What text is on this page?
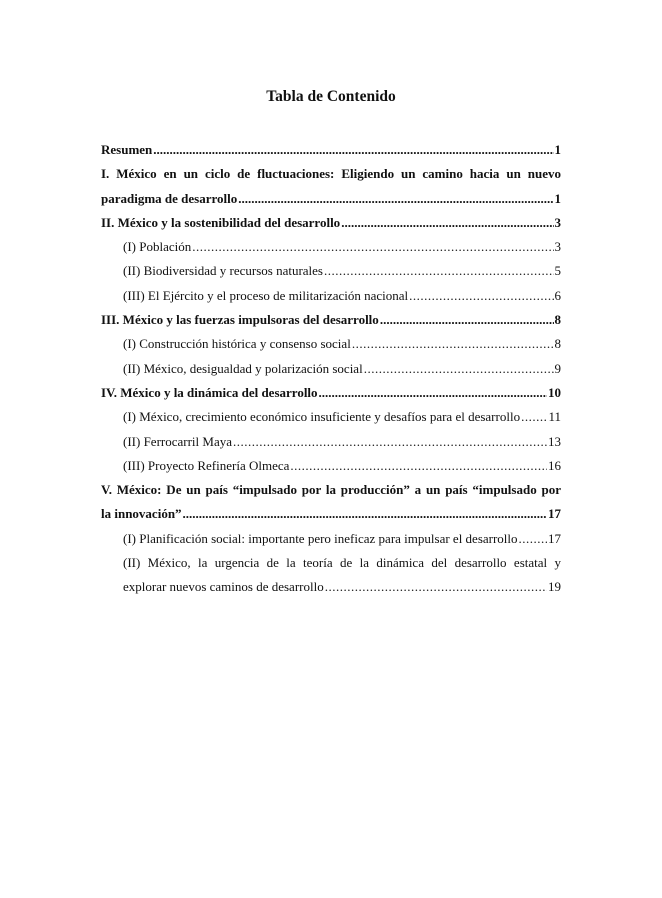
Tabla de Contenido
Resumen .....	1
I. México en un ciclo de fluctuaciones: Eligiendo un camino hacia un nuevo
paradigma de desarrollo .....	1
II. México y la sostenibilidad del desarrollo .....	3
(I) Población .....	3
(II) Biodiversidad y recursos naturales .....	5
(III) El Ejército y el proceso de militarización nacional .....	6
III. México y las fuerzas impulsoras del desarrollo .....	8
(I) Construcción histórica y consenso social .....	8
(II) México, desigualdad y polarización social .....	9
IV. México y la dinámica del desarrollo .....	10
(I) México, crecimiento económico insuficiente y desafíos para el desarrollo ..... 11
(II) Ferrocarril Maya .....	13
(III) Proyecto Refinería Olmeca .....	16
V. México: De un país “impulsado por la producción” a un país “impulsado por
la innovación” .....	17
(I) Planificación social: importante pero ineficaz para impulsar el desarrollo ..... 17
(II) México, la urgencia de la teoría de la dinámica del desarrollo estatal y
explorar nuevos caminos de desarrollo .....	19
